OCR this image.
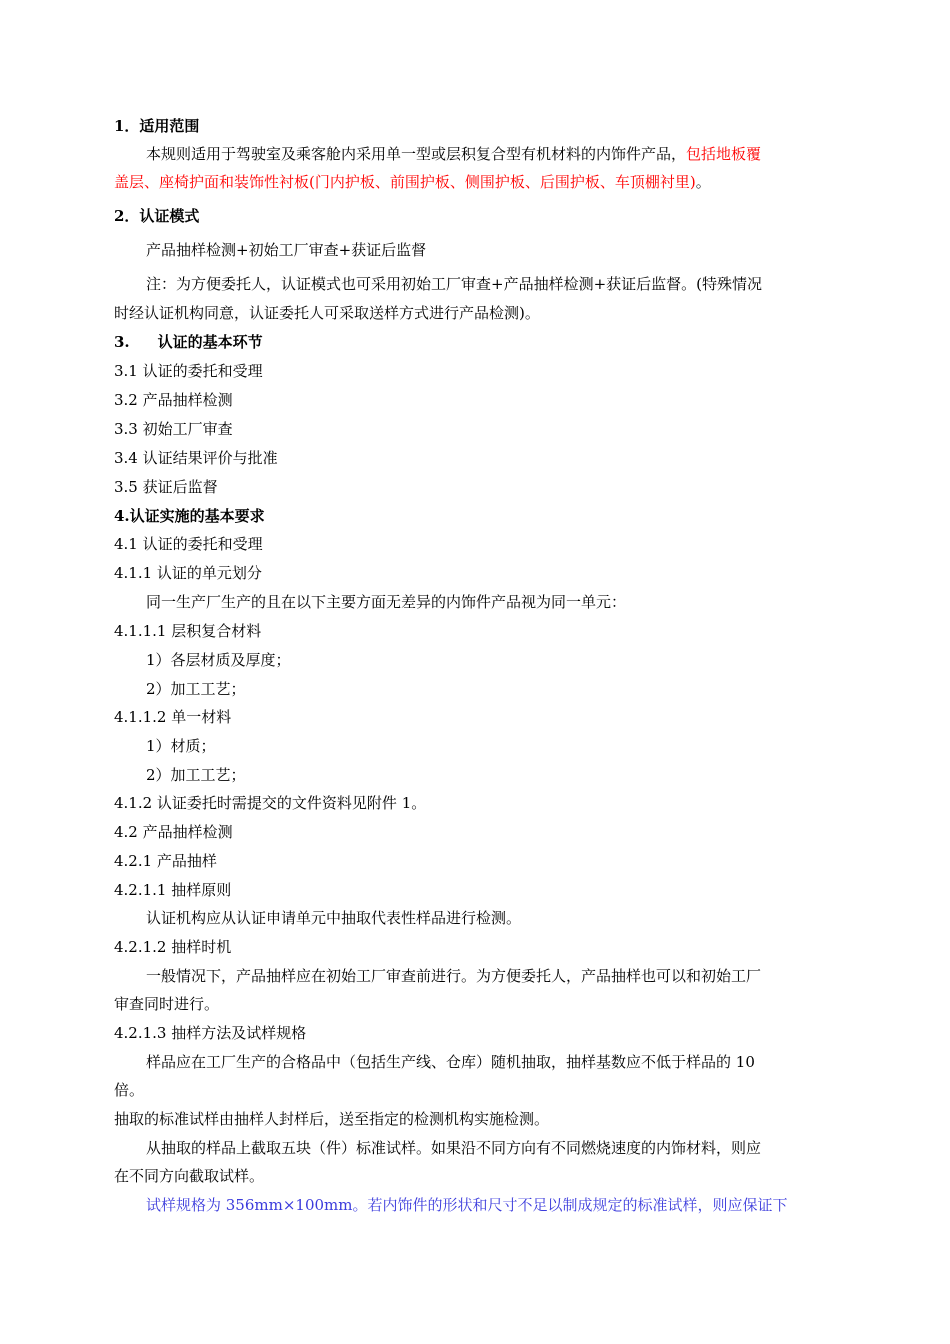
1．适用范围
本规则适用于驾驶室及乘客舱内采用单一型或层积复合型有机材料的内饰件产品，包括地板覆
盖层、座椅护面和装饰性衬板(门内护板、前围护板、侧围护板、后围护板、车顶棚衬里)。
2．认证模式
产品抽样检测+初始工厂审查+获证后监督
注：为方便委托人，认证模式也可采用初始工厂审查+产品抽样检测+获证后监督。(特殊情况
时经认证机构同意，认证委托人可采取送样方式进行产品检测)。
3. 认证的基本环节
3.1 认证的委托和受理
3.2 产品抽样检测
3.3 初始工厂审查
3.4 认证结果评价与批准
3.5 获证后监督
4.认证实施的基本要求
4.1 认证的委托和受理
4.1.1 认证的单元划分
同一生产厂生产的且在以下主要方面无差异的内饰件产品视为同一单元：
4.1.1.1 层积复合材料
1）各层材质及厚度；
2）加工工艺；
4.1.1.2 单一材料
1）材质；
2）加工工艺；
4.1.2 认证委托时需提交的文件资料见附件 1。
4.2 产品抽样检测
4.2.1 产品抽样
4.2.1.1 抽样原则
认证机构应从认证申请单元中抽取代表性样品进行检测。
4.2.1.2 抽样时机
一般情况下，产品抽样应在初始工厂审查前进行。为方便委托人，产品抽样也可以和初始工厂
审查同时进行。
4.2.1.3 抽样方法及试样规格
样品应在工厂生产的合格品中（包括生产线、仓库）随机抽取，抽样基数应不低于样品的 10
倍。
抽取的标准试样由抽样人封样后，送至指定的检测机构实施检测。
从抽取的样品上截取五块（件）标准试样。如果沿不同方向有不同燃烧速度的内饰材料，则应
在不同方向截取试样。
试样规格为 356mm×100mm。若内饰件的形状和尺寸不足以制成规定的标准试样，则应保证下
